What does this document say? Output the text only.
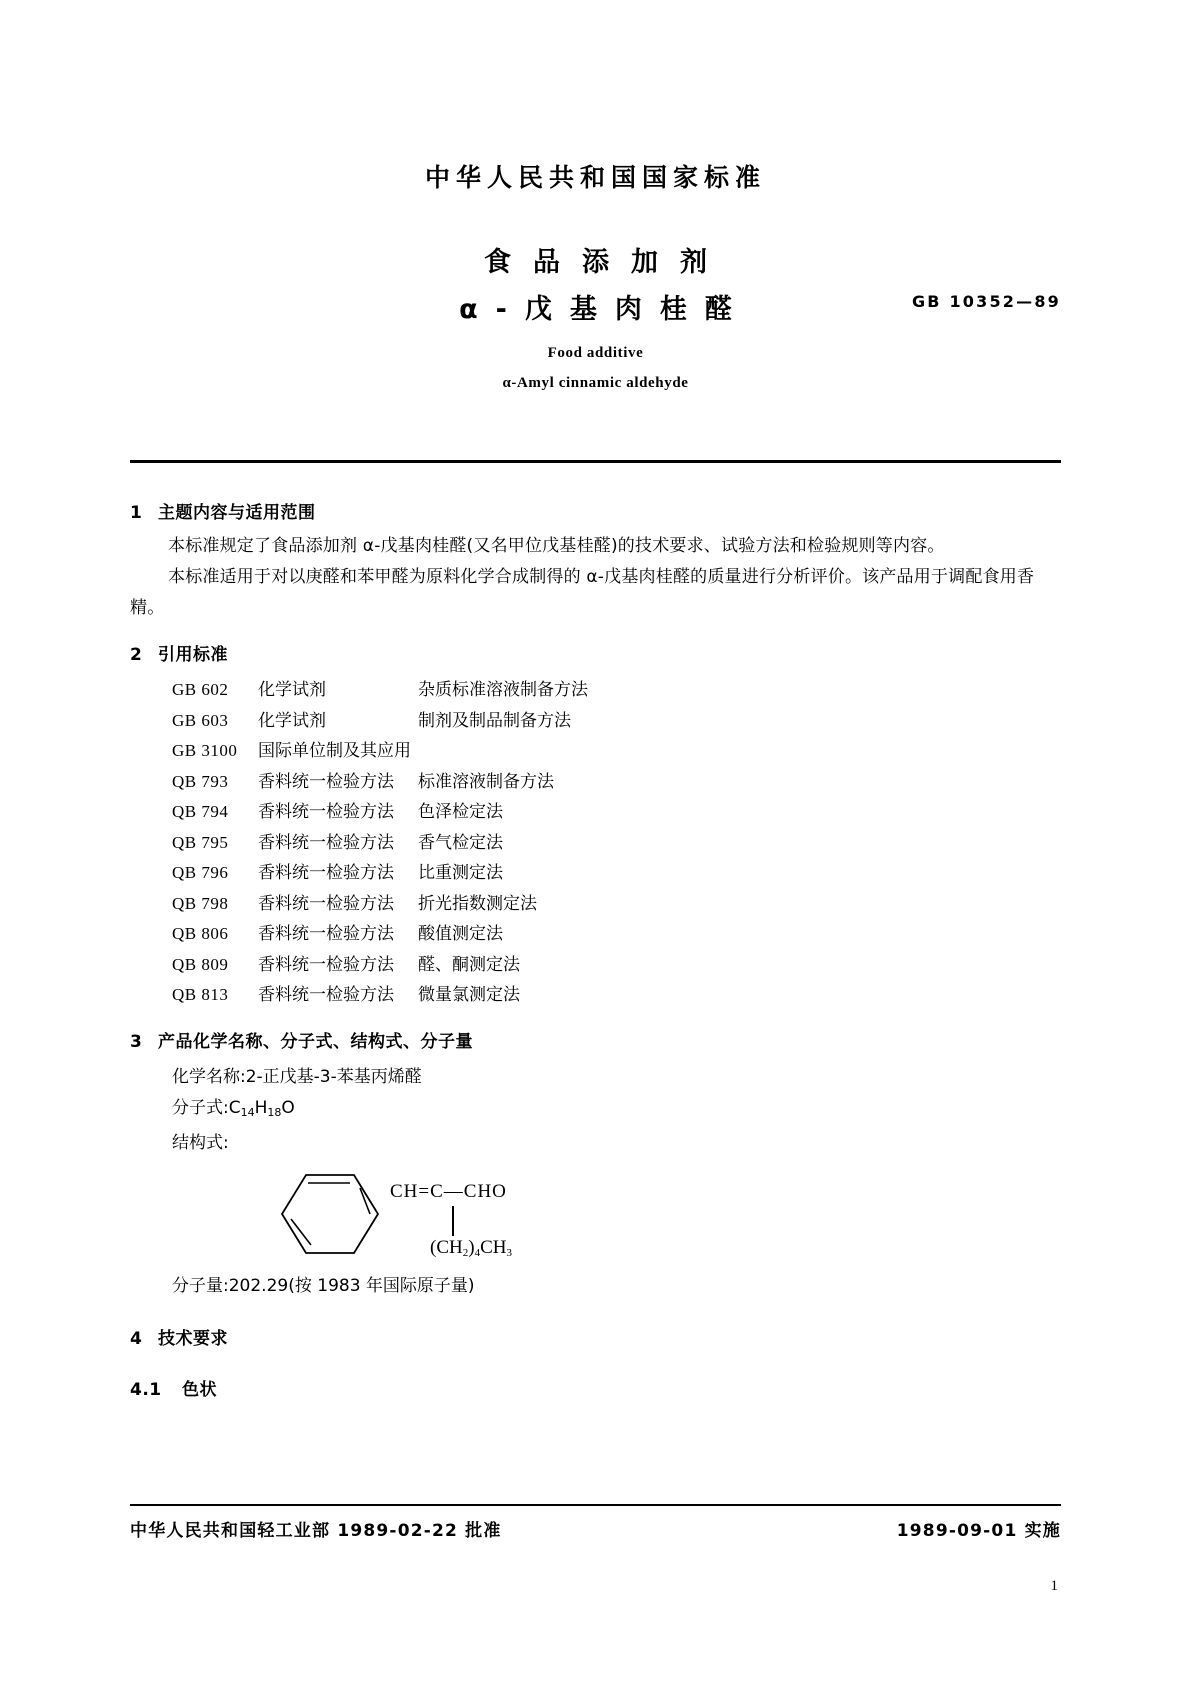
中华人民共和国国家标准
食品添加剂
α-戊基肉桂醛	GB 10352—89
Food additive
α-Amyl cinnamic aldehyde
1 主题内容与适用范围

本标准规定了食品添加剂 α-戊基肉桂醛(又名甲位戊基桂醛)的技术要求、试验方法和检验规则等内容。

本标准适用于对以庚醛和苯甲醛为原料化学合成制得的 α-戊基肉桂醛的质量进行分析评价。该产品用于调配食用香精。

2 引用标准
GB 602 化学试剂	杂质标准溶液制备方法
GB 603 化学试剂	制剂及制品制备方法
GB 3100 国际单位制及其应用
QB 793 香料统一检验方法 标准溶液制备方法
QB 794 香料统一检验方法 色泽检定法
QB 795 香料统一检验方法 香气检定法
QB 796 香料统一检验方法 比重测定法
QB 798 香料统一检验方法 折光指数测定法
QB 806 香料统一检验方法 酸值测定法
QB 809 香料统一检验方法 醛、酮测定法
QB 813 香料统一检验方法 微量氯测定法
3 产品化学名称、分子式、结构式、分子量
化学名称:2-正戊基-3-苯基丙烯醛
分子式$:C_{14}H_{18}O$
结构式:
CH=C—CHO
$(CH_2)_4CH_3$
分子量:202.29(按 1983 年国际原子量)
4 技术要求
4.1 色状
中华人民共和国轻工业部 1989-02-22 批准	1989-09-01 实施
1
